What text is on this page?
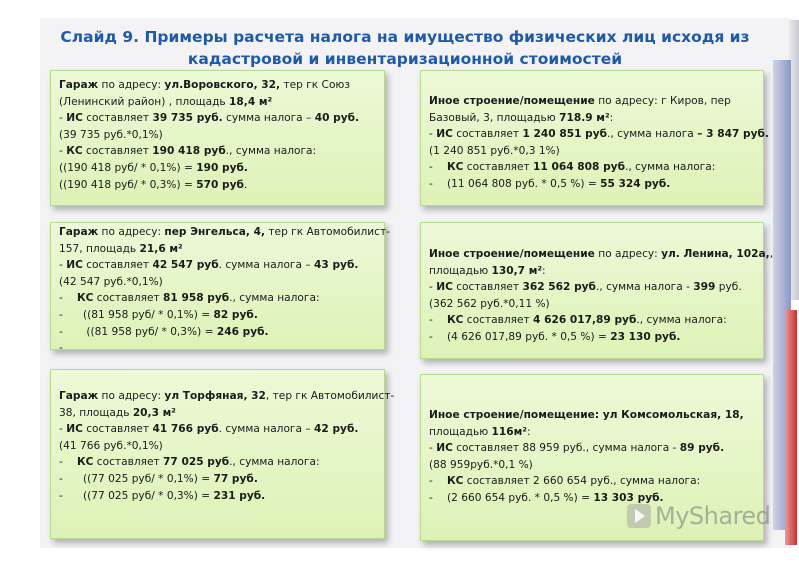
Слайд 9. Примеры расчета налога на имущество физических лиц исходя из
кадастровой и инвентаризационной стоимостей

Гараж по адресу: ул.Воровского, 32, тер гк Союз

(Ленинский район) , площадь 18,4 м²

- ИС составляет 39 735 руб. сумма налога – 40 руб.

(39 735 руб.*0,1%)

- КС составляет 190 418 руб., сумма налога:

((190 418 руб/ * 0,1%) = 190 руб.

((190 418 руб/ * 0,3%) = 570 руб.

Гараж по адресу: пер Энгельса, 4, тер гк Автомобилист-

157, площадь 21,6 м²

- ИС составляет 42 547 руб. сумма налога – 43 руб.

(42 547 руб.*0,1%)

- КС составляет 81 958 руб., сумма налога:

- ((81 958 руб/ * 0,1%) = 82 руб.

- ((81 958 руб/ * 0,3%) = 246 руб.

-

Гараж по адресу: ул Торфяная, 32, тер гк Автомобилист-

38, площадь 20,3 м²

- ИС составляет 41 766 руб. сумма налога – 42 руб.

(41 766 руб.*0,1%)

- КС составляет 77 025 руб., сумма налога:

- ((77 025 руб/ * 0,1%) = 77 руб.

- ((77 025 руб/ * 0,3%) = 231 руб.

Иное строение/помещение по адресу: г Киров, пер

Базовый, 3, площадью 718.9 м²:

- ИС составляет 1 240 851 руб., сумма налога – 3 847 руб.

(1 240 851 руб.*0,3 1%)

- КС составляет 11 064 808 руб., сумма налога:

- (11 064 808 руб. * 0,5 %) = 55 324 руб.

Иное строение/помещение по адресу: ул. Ленина, 102а,,

площадью 130,7 м²:

- ИС составляет 362 562 руб., сумма налога - 399 руб.

(362 562 руб.*0,11 %)

- КС составляет 4 626 017,89 руб., сумма налога:

- (4 626 017,89 руб. * 0,5 %) = 23 130 руб.

Иное строение/помещение: ул Комсомольская, 18,

площадью 116м²:

- ИС составляет 88 959 руб., сумма налога - 89 руб.

(88 959руб.*0,1 %)

- КС составляет 2 660 654 руб., сумма налога:

- (2 660 654 руб. * 0,5 %) = 13 303 руб.

MyShared
